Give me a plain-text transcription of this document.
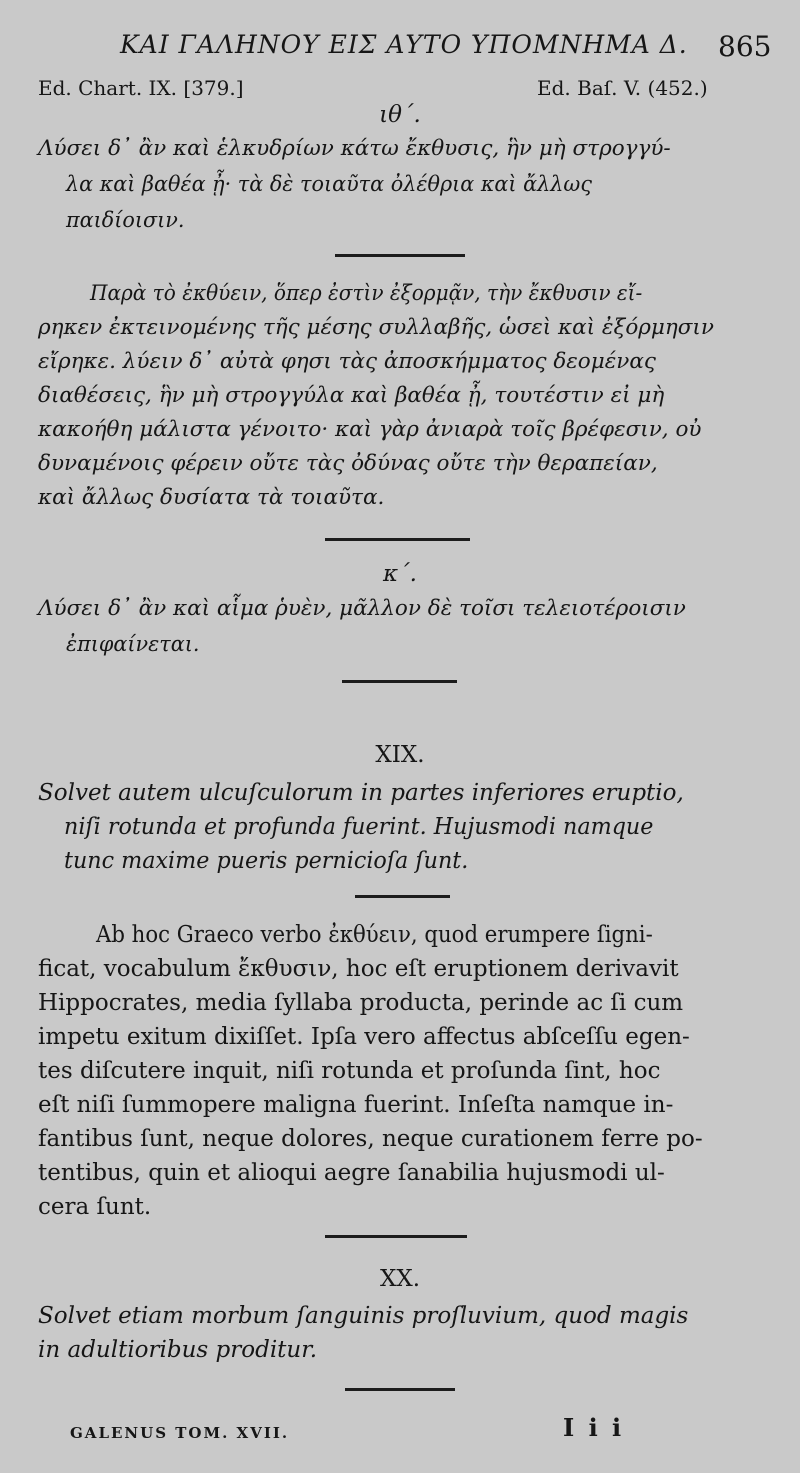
ΚΑΙ ΓΑΛΗΝΟΥ ΕΙΣ ΑΥΤΟ ΥΠΟΜΝΗΜΑ Δ. 865
Ed. Chart. IX. [379.]	Ed. Baſ. V. (452.)
ιθ΄.
Λύσει δ᾽ ἂν καὶ ἑλκυδρίων κάτω ἔκθυσις, ἣν μὴ στρογγύ-
λα καὶ βαθέα ᾖ· τὰ δὲ τοιαῦτα ὀλέθρια καὶ ἄλλως
παιδίοισιν.
Παρὰ τὸ ἐκθύειν, ὅπερ ἐστὶν ἐξορμᾷν, τὴν ἔκθυσιν εἴ-
ρηκεν ἐκτεινομένης τῆς μέσης συλλαβῆς, ὡσεὶ καὶ ἐξόρμησιν
εἴρηκε. λύειν δ᾽ αὐτὰ φησι τὰς ἀποσκήμματος δεομένας
διαθέσεις, ἣν μὴ στρογγύλα καὶ βαθέα ᾖ, τουτέστιν εἰ μὴ
κακοήθη μάλιστα γένοιτο· καὶ γὰρ ἀνιαρὰ τοῖς βρέφεσιν, οὐ
δυναμένοις φέρειν οὔτε τὰς ὀδύνας οὔτε τὴν θεραπείαν,
καὶ ἄλλως δυσίατα τὰ τοιαῦτα.
κ΄.
Λύσει δ᾽ ἂν καὶ αἷμα ῥυὲν, μᾶλλον δὲ τοῖσι τελειοτέροισιν
ἐπιφαίνεται.
XIX.
Solvet autem ulcuſculorum in partes inferiores eruptio,
niſi rotunda et profunda fuerint. Hujusmodi namque
tunc maxime pueris pernicioſa ſunt.
Ab hoc Graeco verbo ἐκθύειν, quod erumpere ſigni-
ficat, vocabulum ἔκθυσιν, hoc eſt eruptionem derivavit
Hippocrates, media ſyllaba producta, perinde ac ſi cum
impetu exitum dixiſſet. Ipſa vero affectus abſceſſu egen-
tes diſcutere inquit, niſi rotunda et proſunda ſint, hoc
eſt niſi ſummopere maligna fuerint. Inſeſta namque in-
fantibus ſunt, neque dolores, neque curationem ferre po-
tentibus, quin et alioqui aegre ſanabilia hujusmodi ul-
cera ſunt.
XX.
Solvet etiam morbum ſanguinis proſluvium, quod magis
in adultioribus proditur.
GALENUS TOM. XVII.	I i i
